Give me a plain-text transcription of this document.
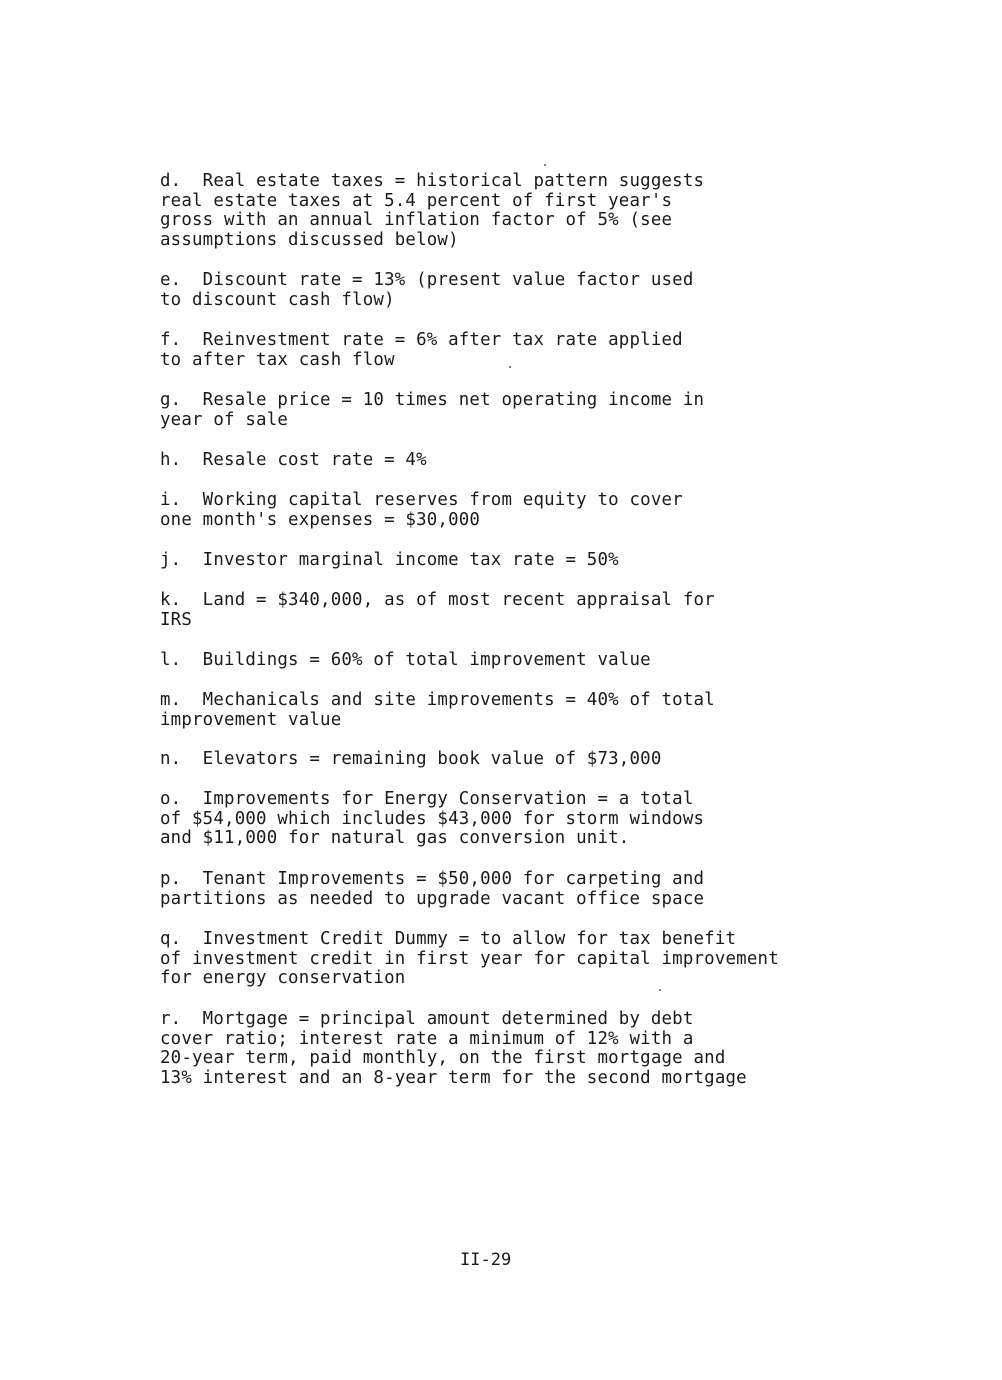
d.  Real estate taxes = historical pattern suggests
real estate taxes at 5.4 percent of first year's
gross with an annual inflation factor of 5% (see
assumptions discussed below)
e.  Discount rate = 13% (present value factor used
to discount cash flow)
f.  Reinvestment rate = 6% after tax rate applied
to after tax cash flow
g.  Resale price = 10 times net operating income in
year of sale
h.  Resale cost rate = 4%
i.  Working capital reserves from equity to cover
one month's expenses = $30,000
j.  Investor marginal income tax rate = 50%
k.  Land = $340,000, as of most recent appraisal for
IRS
l.  Buildings = 60% of total improvement value
m.  Mechanicals and site improvements = 40% of total
improvement value
n.  Elevators = remaining book value of $73,000
o.  Improvements for Energy Conservation = a total
of $54,000 which includes $43,000 for storm windows
and $11,000 for natural gas conversion unit.
p.  Tenant Improvements = $50,000 for carpeting and
partitions as needed to upgrade vacant office space
q.  Investment Credit Dummy = to allow for tax benefit
of investment credit in first year for capital improvement
for energy conservation
r.  Mortgage = principal amount determined by debt
cover ratio; interest rate a minimum of 12% with a
20-year term, paid monthly, on the first mortgage and
13% interest and an 8-year term for the second mortgage
II-29
